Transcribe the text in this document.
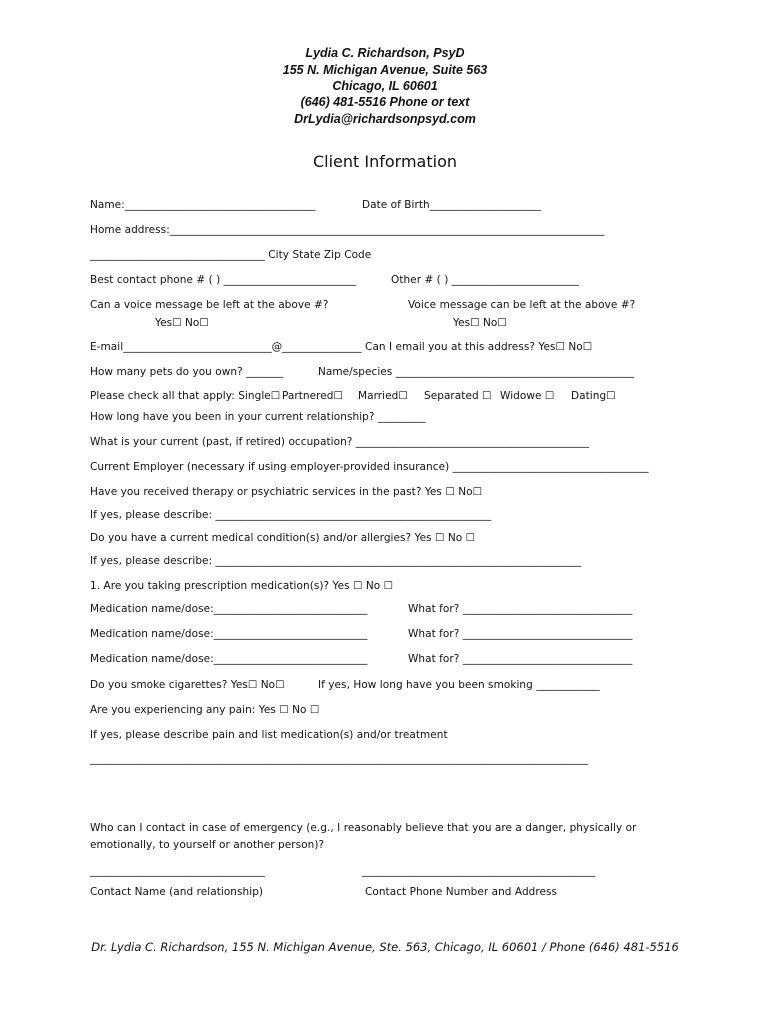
Lydia C. Richardson, PsyD
155 N. Michigan Avenue, Suite 563
Chicago, IL 60601
(646) 481-5516 Phone or text
DrLydia@richardsonpsyd.com
Client Information
Name:____________________________________	Date of Birth_____________________
Home address:__________________________________________________________________________________
_________________________________ City State Zip Code
Best contact phone # ( ) _________________________	Other # ( ) ________________________
Can a voice message be left at the above #?	Voice message can be left at the above #?
Yes☐ No☐	Yes☐ No☐
E-mail____________________________@_______________ Can I email you at this address? Yes☐ No☐
How many pets do you own? _______	Name/species _____________________________________________
Please check all that apply: Single☐ Partnered☐ Married☐ Separated ☐ Widowe ☐ Dating☐
How long have you been in your current relationship? _________
What is your current (past, if retired) occupation? ____________________________________________
Current Employer (necessary if using employer-provided insurance) _____________________________________
Have you received therapy or psychiatric services in the past? Yes ☐ No☐
If yes, please describe: ____________________________________________________
Do you have a current medical condition(s) and/or allergies? Yes ☐ No ☐
If yes, please describe: _____________________________________________________________________
1. Are you taking prescription medication(s)? Yes ☐ No ☐
Medication name/dose:_____________________________	What for? ________________________________
Medication name/dose:_____________________________	What for? ________________________________
Medication name/dose:_____________________________	What for? ________________________________
Do you smoke cigarettes? Yes☐ No☐	If yes, How long have you been smoking ____________
Are you experiencing any pain: Yes ☐ No ☐
If yes, please describe pain and list medication(s) and/or treatment
______________________________________________________________________________________________
Who can I contact in case of emergency (e.g., I reasonably believe that you are a danger, physically or
emotionally, to yourself or another person)?
_________________________________	____________________________________________
Contact Name (and relationship)	Contact Phone Number and Address
Dr. Lydia C. Richardson, 155 N. Michigan Avenue, Ste. 563, Chicago, IL 60601 / Phone (646) 481-5516
